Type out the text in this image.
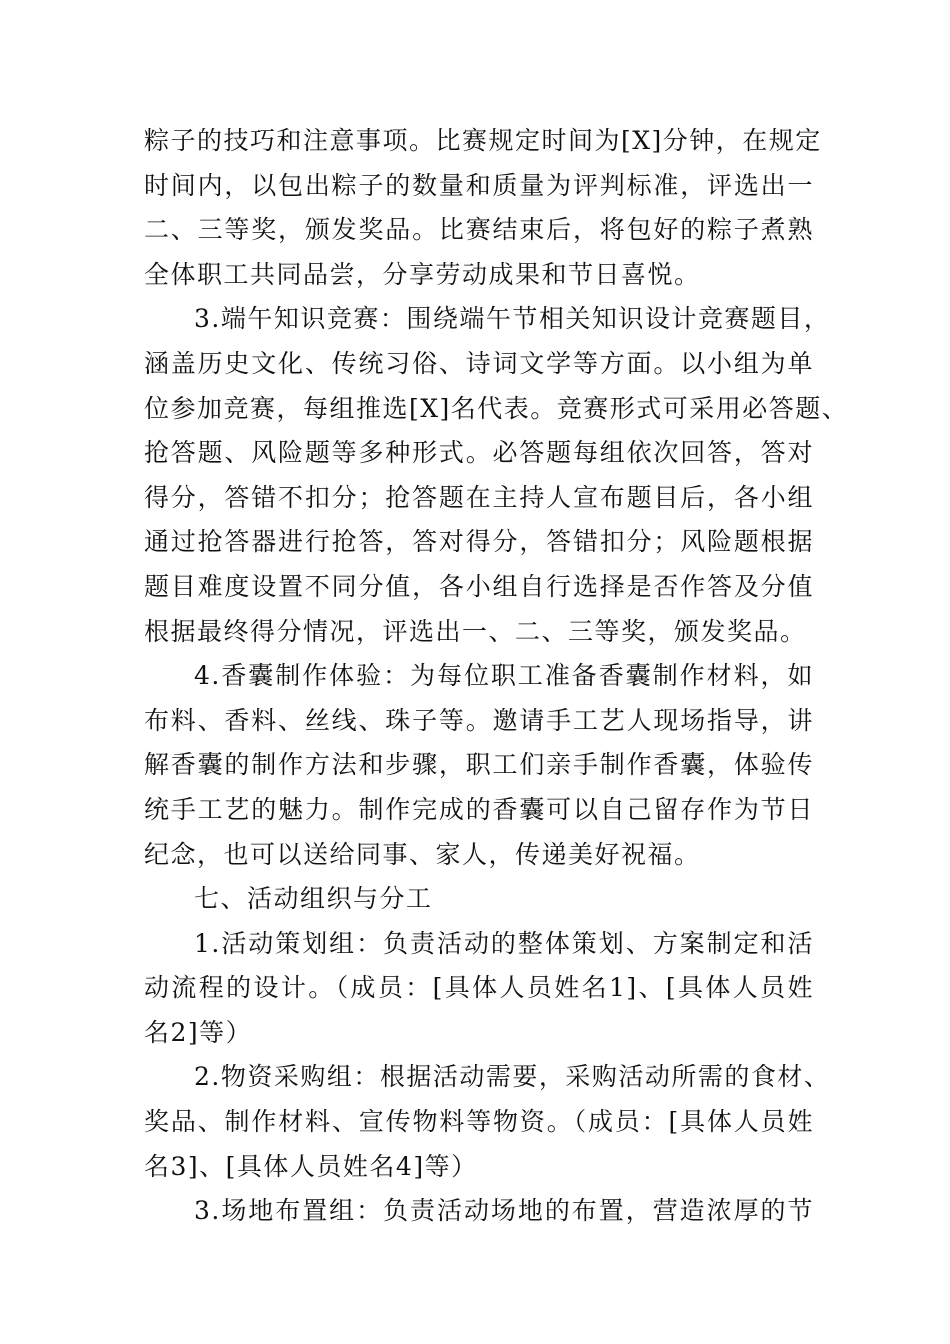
粽子的技巧和注意事项。比赛规定时间为[X]分钟，在规定
时间内，以包出粽子的数量和质量为评判标准，评选出一
二、三等奖，颁发奖品。比赛结束后，将包好的粽子煮熟
全体职工共同品尝，分享劳动成果和节日喜悦。
3.端午知识竞赛：围绕端午节相关知识设计竞赛题目，
涵盖历史文化、传统习俗、诗词文学等方面。以小组为单
位参加竞赛，每组推选[X]名代表。竞赛形式可采用必答题、
抢答题、风险题等多种形式。必答题每组依次回答，答对
得分，答错不扣分；抢答题在主持人宣布题目后，各小组
通过抢答器进行抢答，答对得分，答错扣分；风险题根据
题目难度设置不同分值，各小组自行选择是否作答及分值
根据最终得分情况，评选出一、二、三等奖，颁发奖品。
4.香囊制作体验：为每位职工准备香囊制作材料，如
布料、香料、丝线、珠子等。邀请手工艺人现场指导，讲
解香囊的制作方法和步骤，职工们亲手制作香囊，体验传
统手工艺的魅力。制作完成的香囊可以自己留存作为节日
纪念，也可以送给同事、家人，传递美好祝福。
七、活动组织与分工
1.活动策划组：负责活动的整体策划、方案制定和活
动流程的设计。（成员：[具体人员姓名1]、[具体人员姓
名2]等）
2.物资采购组：根据活动需要，采购活动所需的食材、
奖品、制作材料、宣传物料等物资。（成员：[具体人员姓
名3]、[具体人员姓名4]等）
3.场地布置组：负责活动场地的布置，营造浓厚的节
